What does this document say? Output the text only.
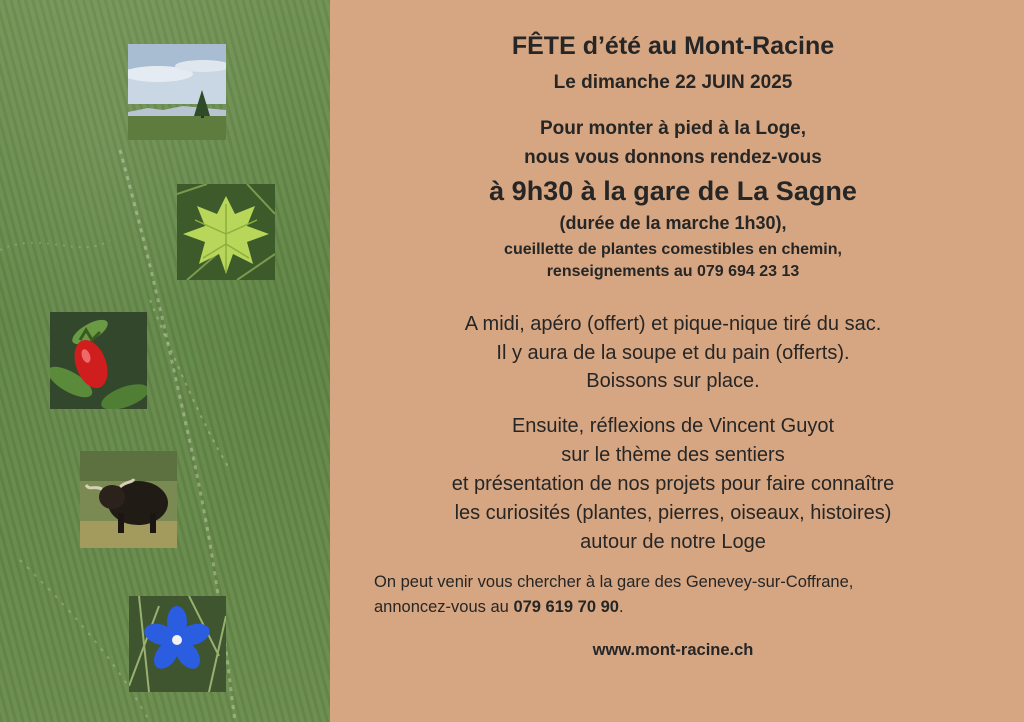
FÊTE d’été au Mont-Racine
Le dimanche 22 JUIN 2025
Pour monter à pied à la Loge,
nous vous donnons rendez-vous
à 9h30 à la gare de La Sagne
(durée de la marche 1h30),
cueillette de plantes comestibles en chemin,
renseignements au 079 694 23 13
A midi, apéro (offert) et pique-nique tiré du sac.
Il y aura de la soupe et du pain (offerts).
Boissons sur place.
Ensuite, réflexions de Vincent Guyot
sur le thème des sentiers
et présentation de nos projets pour faire connaître
les curiosités (plantes, pierres, oiseaux, histoires)
autour de notre Loge
On peut venir vous chercher à la gare des Genevey-sur-Coffrane,
annoncez-vous au 079 619 70 90.
www.mont-racine.ch
